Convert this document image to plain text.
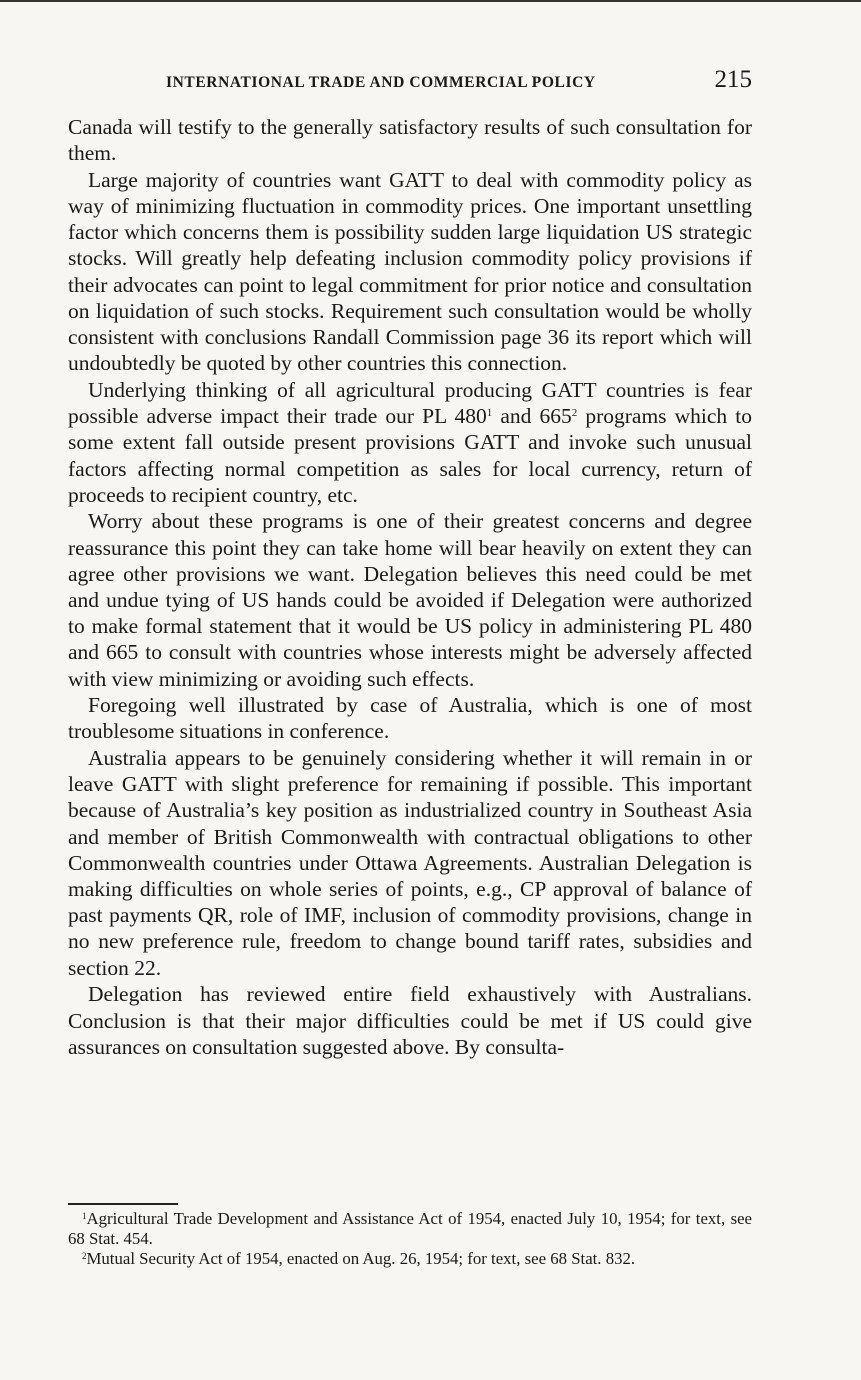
INTERNATIONAL TRADE AND COMMERCIAL POLICY	215

Canada will testify to the generally satisfactory results of such consultation for them.

Large majority of countries want GATT to deal with commodity policy as way of minimizing fluctuation in commodity prices. One important unsettling factor which concerns them is possibility sudden large liquidation US strategic stocks. Will greatly help defeating inclusion commodity policy provisions if their advocates can point to legal commitment for prior notice and consultation on liquidation of such stocks. Requirement such consultation would be wholly consistent with conclusions Randall Commission page 36 its report which will undoubtedly be quoted by other countries this connection.

Underlying thinking of all agricultural producing GATT countries is fear possible adverse impact their trade our PL $480^1$ and $665^2$ programs which to some extent fall outside present provisions GATT and invoke such unusual factors affecting normal competition as sales for local currency, return of proceeds to recipient country, etc.

Worry about these programs is one of their greatest concerns and degree reassurance this point they can take home will bear heavily on extent they can agree other provisions we want. Delegation believes this need could be met and undue tying of US hands could be avoided if Delegation were authorized to make formal statement that it would be US policy in administering PL 480 and 665 to consult with countries whose interests might be adversely affected with view minimizing or avoiding such effects.

Foregoing well illustrated by case of Australia, which is one of most troublesome situations in conference.

Australia appears to be genuinely considering whether it will remain in or leave GATT with slight preference for remaining if possible. This important because of Australia’s key position as industrialized country in Southeast Asia and member of British Commonwealth with contractual obligations to other Commonwealth countries under Ottawa Agreements. Australian Delegation is making difficulties on whole series of points, e.g., CP approval of balance of past payments QR, role of IMF, inclusion of commodity provisions, change in no new preference rule, freedom to change bound tariff rates, subsidies and section 22.

Delegation has reviewed entire field exhaustively with Australians. Conclusion is that their major difficulties could be met if US could give assurances on consultation suggested above. By consulta-

$^1$Agricultural Trade Development and Assistance Act of 1954, enacted July 10, 1954; for text, see 68 Stat. 454.

$^2$Mutual Security Act of 1954, enacted on Aug. 26, 1954; for text, see 68 Stat. 832.
